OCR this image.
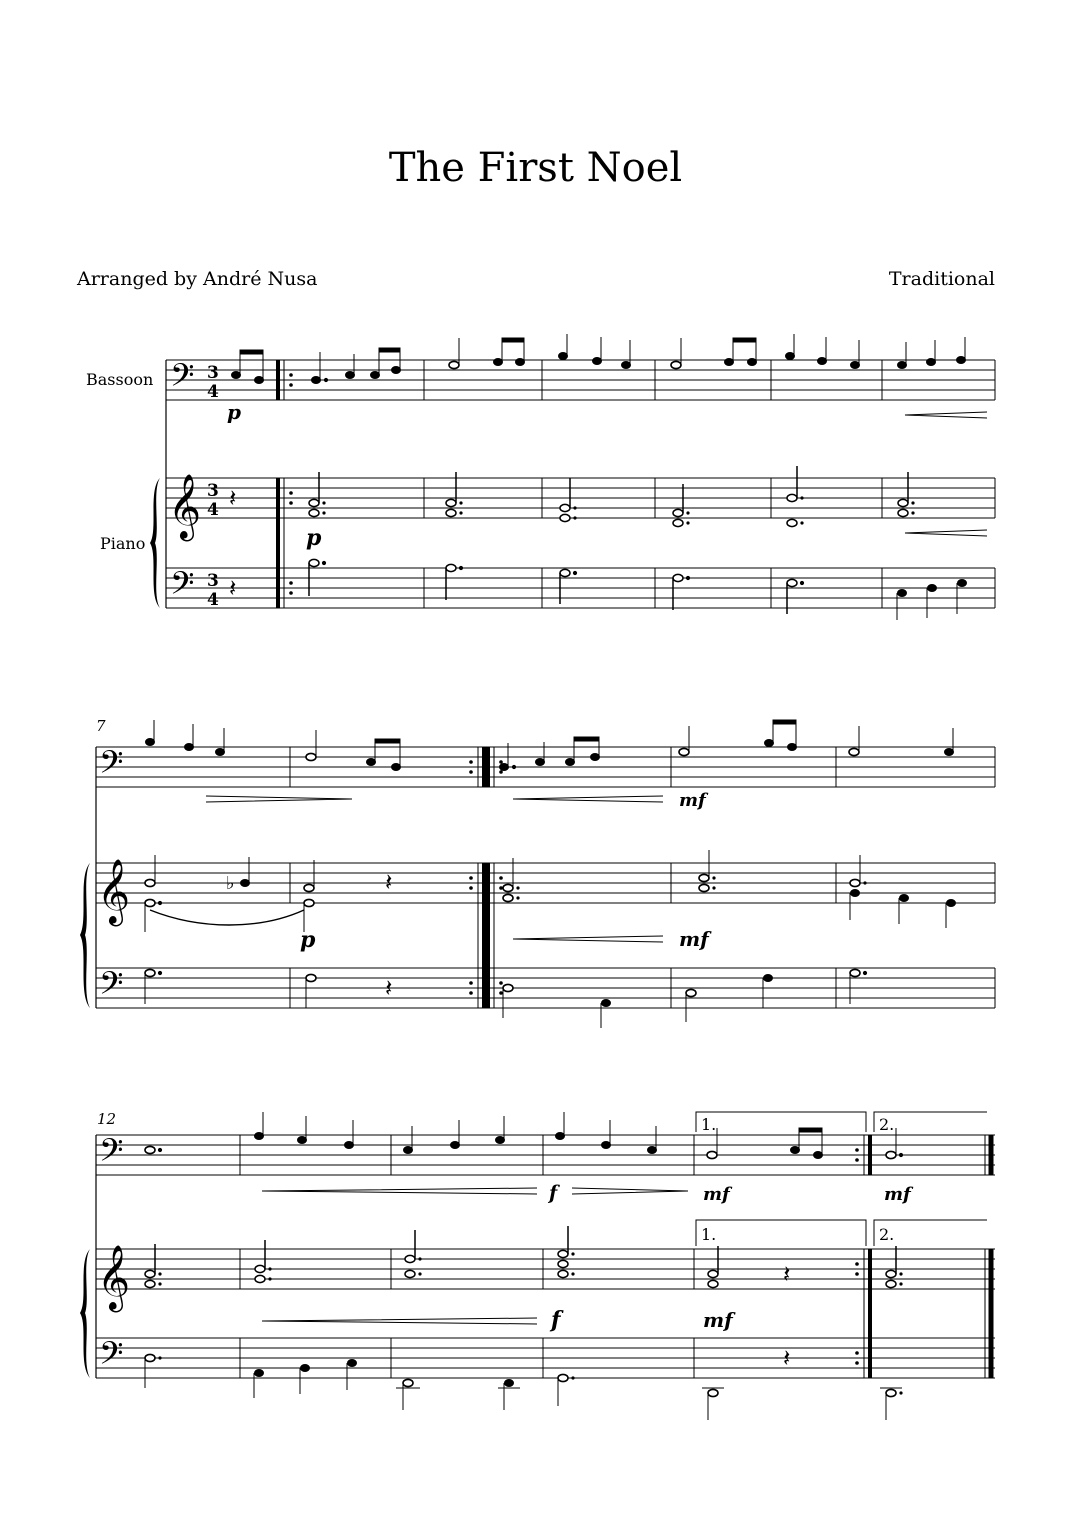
The First Noel
Arranged by André Nusa	Traditional
Bassoon
Piano
𝄢
𝄞
𝄢
3
4
3
4
3
4
p
𝄽
p
𝄽
7
𝄢
𝄞
𝄢
mf
♭	𝄽
p	mf
𝄽
12
𝄢
𝄞
𝄢
1.	2.
1.	2.
f	mf	mf
𝄽
f	mf
𝄽
